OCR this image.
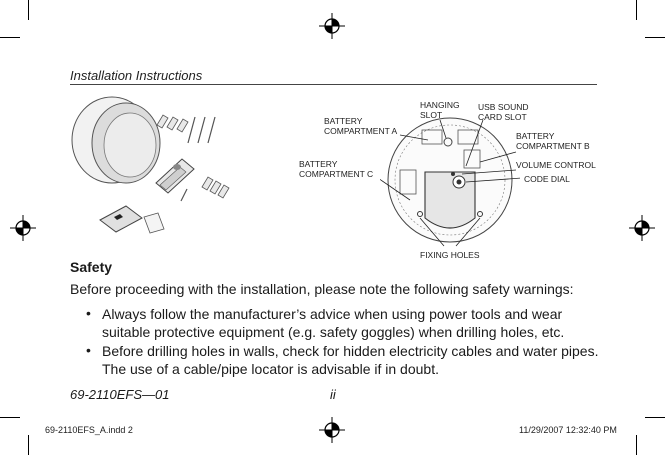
Installation Instructions
HANGING
SLOT
USB SOUND
CARD SLOT
BATTERY
COMPARTMENT A	BATTERY
COMPARTMENT B
BATTERY
COMPARTMENT C
VOLUME CONTROL
CODE DIAL
FIXING HOLES
Safety
Before proceeding with the installation, please note the following safety warnings:
• Always follow the manufacturer’s advice when using power tools and wear
suitable protective equipment (e.g. safety goggles) when drilling holes, etc.
• Before drilling holes in walls, check for hidden electricity cables and water pipes.
The use of a cable/pipe locator is advisable if in doubt.
69-2110EFS—01	ii
69-2110EFS_A.indd 2	11/29/2007 12:32:40 PM
